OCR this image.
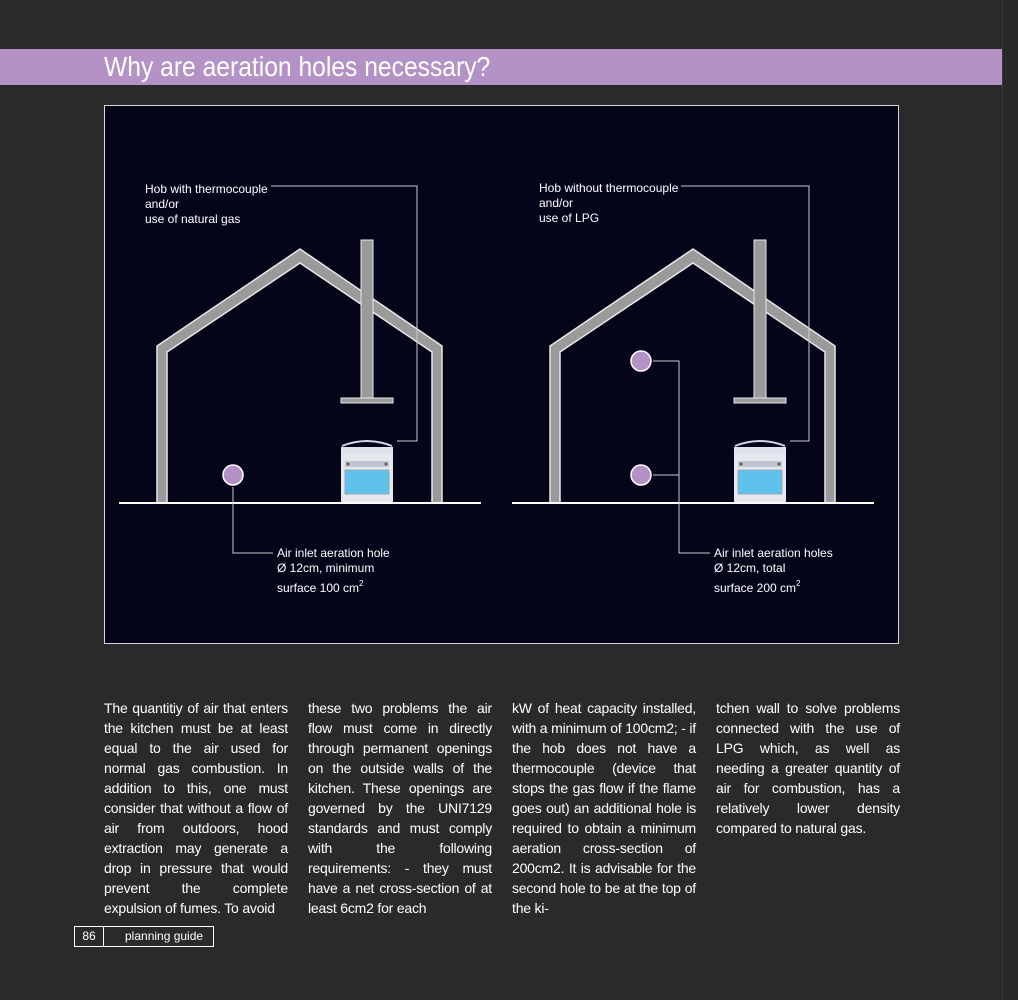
Why are aeration holes necessary?
Hob with thermocouple
and/or
use of natural gas
Air inlet aeration hole
Ø 12cm, minimum
surface 100 $cm^2$
Hob without thermocouple
and/or
use of LPG
Air inlet aeration holes
Ø 12cm, total
surface 200 $cm^2$

The quantitiy of air that enters the kitchen must be at least equal to the air used for normal gas combustion. In addition to this, one must consider that without a flow of air from outdoors, hood extraction may generate a drop in pressure that would prevent the complete expulsion of fumes. To avoid

these two problems the air flow must come in directly through permanent openings on the outside walls of the kitchen. These openings are governed by the UNI7129 standards and must comply with the following requirements: - they must have a net cross-section of at least 6cm2 for each

kW of heat capacity installed, with a minimum of 100cm2; - if the hob does not have a thermocouple (device that stops the gas flow if the flame goes out) an additional hole is required to obtain a minimum aeration cross-section of 200cm2. It is advisable for the second hole to be at the top of the ki-

tchen wall to solve problems connected with the use of LPG which, as well as needing a greater quantity of air for combustion, has a relatively lower density compared to natural gas.

86	planning guide
